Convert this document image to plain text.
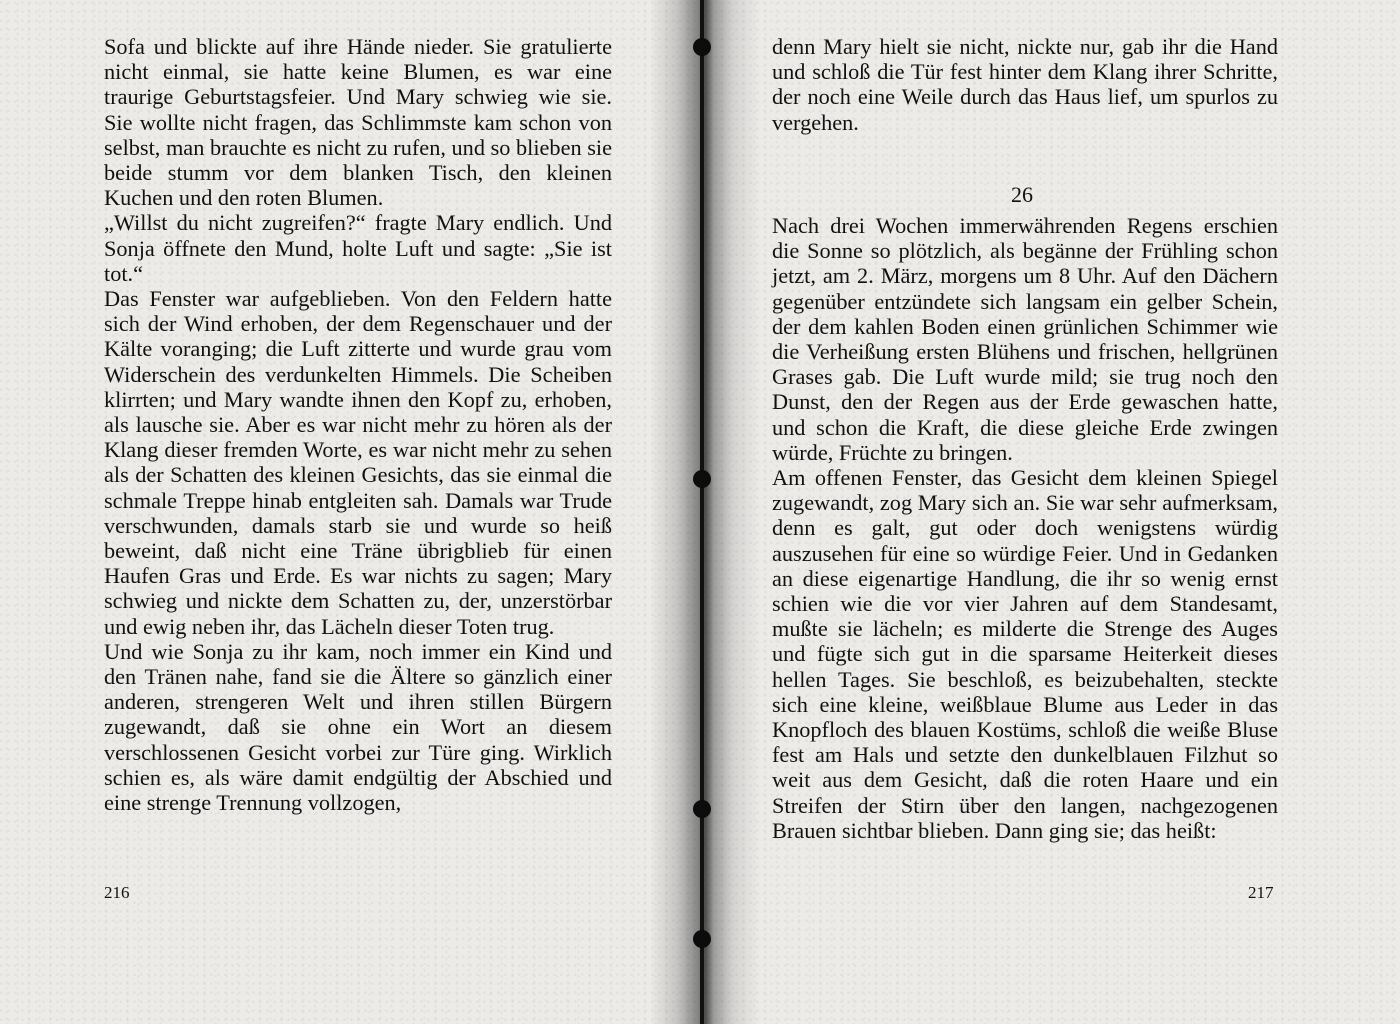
Sofa und blickte auf ihre Hände nieder. Sie gratulierte nicht einmal, sie hatte keine Blumen, es war eine traurige Geburtstagsfeier. Und Mary schwieg wie sie. Sie wollte nicht fragen, das Schlimmste kam schon von selbst, man brauchte es nicht zu rufen, und so blieben sie beide stumm vor dem blanken Tisch, den kleinen Kuchen und den roten Blumen.

„Willst du nicht zugreifen?“ fragte Mary endlich. Und Sonja öffnete den Mund, holte Luft und sagte: „Sie ist tot.“

Das Fenster war aufgeblieben. Von den Feldern hatte sich der Wind erhoben, der dem Regenschauer und der Kälte voranging; die Luft zitterte und wurde grau vom Widerschein des verdunkelten Himmels. Die Scheiben klirrten; und Mary wandte ihnen den Kopf zu, erhoben, als lausche sie. Aber es war nicht mehr zu hören als der Klang dieser fremden Worte, es war nicht mehr zu sehen als der Schatten des kleinen Gesichts, das sie einmal die schmale Treppe hinab entgleiten sah. Damals war Trude verschwunden, damals starb sie und wurde so heiß beweint, daß nicht eine Träne übrigblieb für einen Haufen Gras und Erde. Es war nichts zu sagen; Mary schwieg und nickte dem Schatten zu, der, unzerstörbar und ewig neben ihr, das Lächeln dieser Toten trug.

Und wie Sonja zu ihr kam, noch immer ein Kind und den Tränen nahe, fand sie die Ältere so gänzlich einer anderen, strengeren Welt und ihren stillen Bürgern zugewandt, daß sie ohne ein Wort an diesem verschlossenen Gesicht vorbei zur Türe ging. Wirklich schien es, als wäre damit endgültig der Abschied und eine strenge Trennung vollzogen,

denn Mary hielt sie nicht, nickte nur, gab ihr die Hand und schloß die Tür fest hinter dem Klang ihrer Schritte, der noch eine Weile durch das Haus lief, um spurlos zu vergehen.

26

Nach drei Wochen immerwährenden Regens erschien die Sonne so plötzlich, als begänne der Frühling schon jetzt, am 2. März, morgens um 8 Uhr. Auf den Dächern gegenüber entzündete sich langsam ein gelber Schein, der dem kahlen Boden einen grünlichen Schimmer wie die Verheißung ersten Blühens und frischen, hellgrünen Grases gab. Die Luft wurde mild; sie trug noch den Dunst, den der Regen aus der Erde gewaschen hatte, und schon die Kraft, die diese gleiche Erde zwingen würde, Früchte zu bringen.

Am offenen Fenster, das Gesicht dem kleinen Spiegel zugewandt, zog Mary sich an. Sie war sehr aufmerksam, denn es galt, gut oder doch wenigstens würdig auszusehen für eine so würdige Feier. Und in Gedanken an diese eigenartige Handlung, die ihr so wenig ernst schien wie die vor vier Jahren auf dem Standesamt, mußte sie lächeln; es milderte die Strenge des Auges und fügte sich gut in die sparsame Heiterkeit dieses hellen Tages. Sie beschloß, es beizubehalten, steckte sich eine kleine, weißblaue Blume aus Leder in das Knopfloch des blauen Kostüms, schloß die weiße Bluse fest am Hals und setzte den dunkelblauen Filzhut so weit aus dem Gesicht, daß die roten Haare und ein Streifen der Stirn über den langen, nachgezogenen Brauen sichtbar blieben. Dann ging sie; das heißt:

216	217
